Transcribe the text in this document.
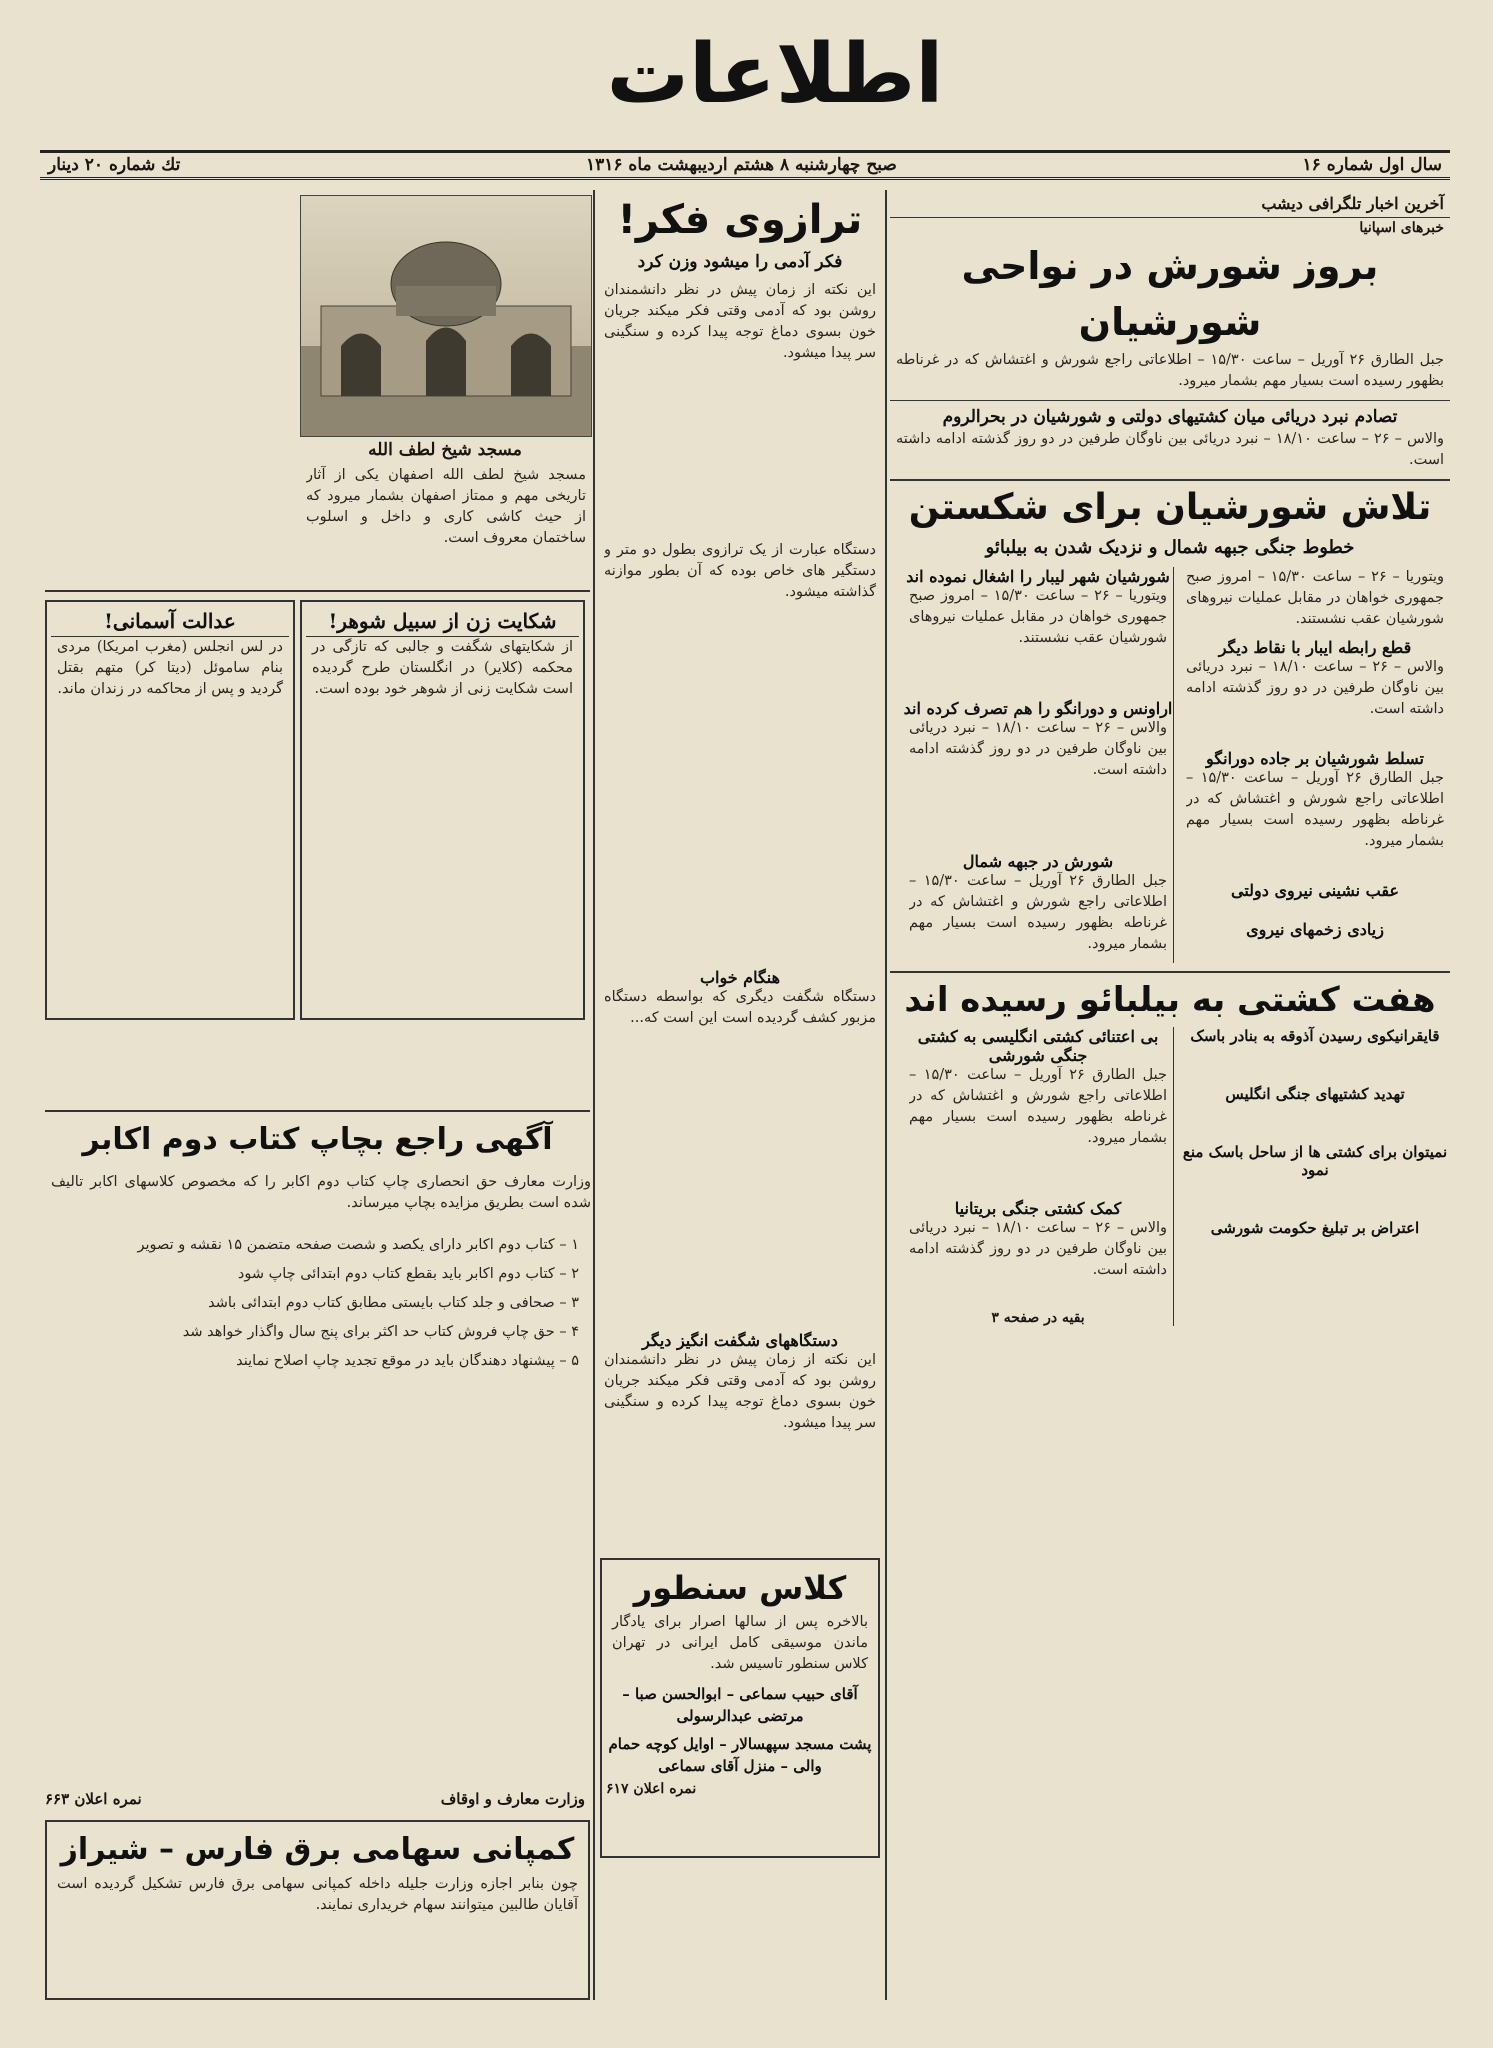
اطلاعات
سال اول شماره ۱۶
صبح چهارشنبه ۸ هشتم اردیبهشت ماه ۱۳۱۶
تك شماره ۲۰ دینار
آخرین اخبار تلگرافی دیشب
خبرهای اسپانیا
بروز شورش در نواحی شورشیان

جبل الطارق ۲۶ آوریل – ساعت ۱۵/۳۰ – اطلاعاتی راجع شورش و اغتشاش که در غرناطه بظهور رسیده است بسیار مهم بشمار میرود.

تصادم نبرد دریائی میان کشتیهای دولتی و شورشیان در بحرالروم

والاس – ۲۶ – ساعت ۱۸/۱۰ – نبرد دریائی بین ناوگان طرفین در دو روز گذشته ادامه داشته است.

تلاش شورشیان برای شکستن
خطوط جنگی جبهه شمال و نزدیک شدن به بیلبائو

ویتوریا – ۲۶ – ساعت ۱۵/۳۰ – امروز صبح جمهوری خواهان در مقابل عملیات نیروهای شورشیان عقب نشستند.

قطع رابطه ایبار با نقاط دیگر

والاس – ۲۶ – ساعت ۱۸/۱۰ – نبرد دریائی بین ناوگان طرفین در دو روز گذشته ادامه داشته است.

تسلط شورشیان بر جاده دورانگو

جبل الطارق ۲۶ آوریل – ساعت ۱۵/۳۰ – اطلاعاتی راجع شورش و اغتشاش که در غرناطه بظهور رسیده است بسیار مهم بشمار میرود.

عقب نشینی نیروی دولتی
زیادی زخمهای نیروی
شورشیان شهر لیبار را اشغال نموده اند

ویتوریا – ۲۶ – ساعت ۱۵/۳۰ – امروز صبح جمهوری خواهان در مقابل عملیات نیروهای شورشیان عقب نشستند.

اراونس و دورانگو را هم تصرف کرده اند

والاس – ۲۶ – ساعت ۱۸/۱۰ – نبرد دریائی بین ناوگان طرفین در دو روز گذشته ادامه داشته است.

شورش در جبهه شمال

جبل الطارق ۲۶ آوریل – ساعت ۱۵/۳۰ – اطلاعاتی راجع شورش و اغتشاش که در غرناطه بظهور رسیده است بسیار مهم بشمار میرود.

هفت کشتی به بیلبائو رسیده اند
قایقرانیکوی رسیدن آذوقه به بنادر باسک
تهدید کشتیهای جنگی انگلیس
نمیتوان برای کشتی ها از ساحل باسک منع نمود
اعتراض بر تبلیغ حکومت شورشی
بی اعتنائی کشتی انگلیسی به کشتی جنگی شورشی

جبل الطارق ۲۶ آوریل – ساعت ۱۵/۳۰ – اطلاعاتی راجع شورش و اغتشاش که در غرناطه بظهور رسیده است بسیار مهم بشمار میرود.

کمک کشتی جنگی بریتانیا

والاس – ۲۶ – ساعت ۱۸/۱۰ – نبرد دریائی بین ناوگان طرفین در دو روز گذشته ادامه داشته است.

بقیه در صفحه ۳
ترازوی فکر!
فکر آدمی را میشود وزن کرد

این نکته از زمان پیش در نظر دانشمندان روشن بود که آدمی وقتی فکر میکند جریان خون بسوی دماغ توجه پیدا کرده و سنگینی سر پیدا میشود.

دستگاه عبارت از یک ترازوی بطول دو متر و دستگیر های خاص بوده که آن بطور موازنه گذاشته میشود.

هنگام خواب

دستگاه شگفت دیگری که بواسطه دستگاه مزبور کشف گردیده است این است که...

دستگاههای شگفت انگیز دیگر

این نکته از زمان پیش در نظر دانشمندان روشن بود که آدمی وقتی فکر میکند جریان خون بسوی دماغ توجه پیدا کرده و سنگینی سر پیدا میشود.

کلاس سنطور

بالاخره پس از سالها اصرار برای یادگار ماندن موسیقی کامل ایرانی در تهران کلاس سنطور تاسیس شد.

آقای حبیب سماعی – ابوالحسن صبا – مرتضی عبدالرسولی
پشت مسجد سپهسالار – اوایل کوچه حمام والی – منزل آقای سماعی
نمره اعلان ۶۱۷
مسجد شیخ لطف الله

مسجد شیخ لطف الله اصفهان یکی از آثار تاریخی مهم و ممتاز اصفهان بشمار میرود که از حیث کاشی کاری و داخل و اسلوب ساختمان معروف است.

عدالت آسمانی!

در لس انجلس (مغرب امریکا) مردی بنام ساموئل (دیتا کر) متهم بقتل گردید و پس از محاکمه در زندان ماند.

شکایت زن از سبیل شوهر!

از شکایتهای شگفت و جالبی که تازگی در محکمه (کلایر) در انگلستان طرح گردیده است شکایت زنی از شوهر خود بوده است.

آگهی راجع بچاپ کتاب دوم اکابر

وزارت معارف حق انحصاری چاپ کتاب دوم اکابر را که مخصوص کلاسهای اکابر تالیف شده است بطریق مزایده بچاپ میرساند.

۱ – کتاب دوم اکابر دارای یکصد و شصت صفحه متضمن ۱۵ نقشه و تصویر

۲ – کتاب دوم اکابر باید بقطع کتاب دوم ابتدائی چاپ شود

۳ – صحافی و جلد کتاب بایستی مطابق کتاب دوم ابتدائی باشد

۴ – حق چاپ فروش کتاب حد اکثر برای پنج سال واگذار خواهد شد

۵ – پیشنهاد دهندگان باید در موقع تجدید چاپ اصلاح نمایند

وزارت معارف و اوقاف
نمره اعلان ۶۶۳
کمپانی سهامی برق فارس – شیراز

چون بنابر اجازه وزارت جلیله داخله کمپانی سهامی برق فارس تشکیل گردیده است آقایان طالبین میتوانند سهام خریداری نمایند.
